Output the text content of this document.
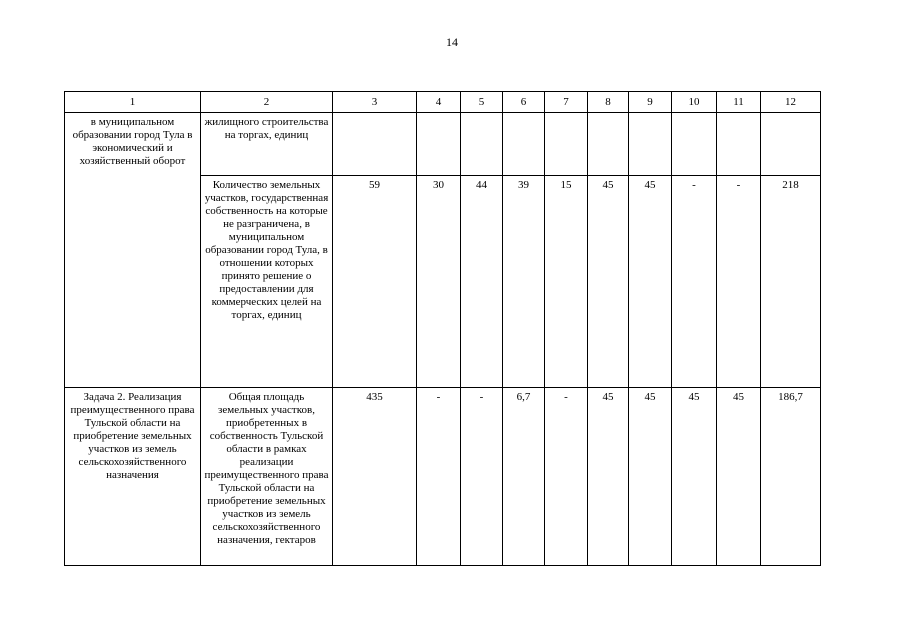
14
1	2	3	4	5	6	7	8	9	10	11	12
в муниципальном образовании город Тула в экономический и хозяйственный оборот	жилищного строительства на торгах, единиц										
	Количество земельных участков, государственная собственность на которые не разграничена, в муниципальном образовании город Тула, в отношении которых принято решение о предоставлении для коммерческих целей на торгах, единиц	59	30	44	39	15	45	45	-	-	218
Задача 2. Реализация преимущественного права Тульской области на приобретение земельных участков из земель сельскохозяйственного назначения	Общая площадь земельных участков, приобретенных в собственность Тульской области в рамках реализации преимущественного права Тульской области на приобретение земельных участков из земель сельскохозяйственного назначения, гектаров	435	-	-	6,7	-	45	45	45	45	186,7
